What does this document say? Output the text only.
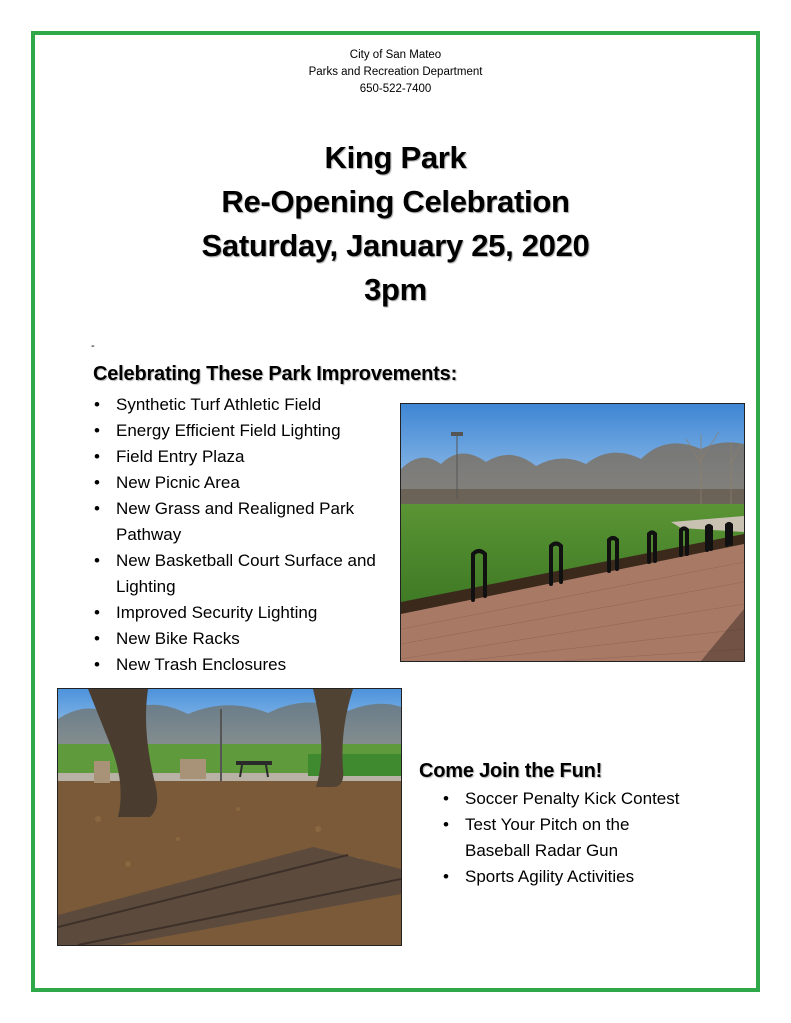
City of San Mateo
Parks and Recreation Department
650-522-7400
King Park
Re-Opening Celebration
Saturday, January 25, 2020
3pm
-
Celebrating These Park Improvements:
• Synthetic Turf Athletic Field
• Energy Efficient Field Lighting
• Field Entry Plaza
• New Picnic Area
• New Grass and Realigned Park Pathway
• New Basketball Court Surface and Lighting
• Improved Security Lighting
• New Bike Racks
• New Trash Enclosures
Come Join the Fun!
• Soccer Penalty Kick Contest
• Test Your Pitch on the Baseball Radar Gun
• Sports Agility Activities
